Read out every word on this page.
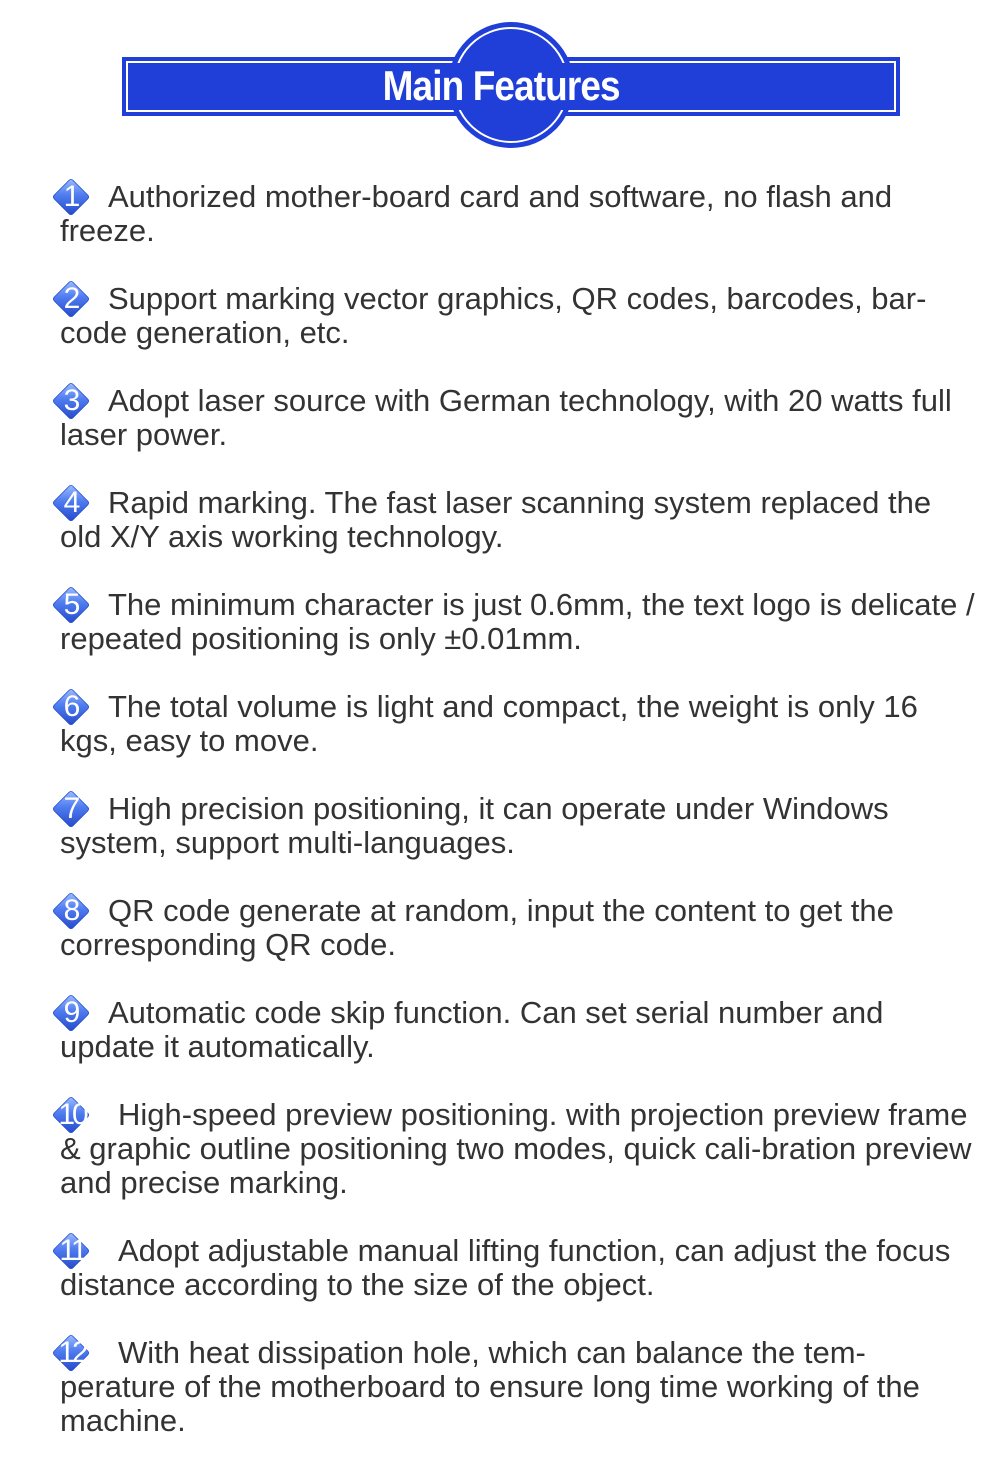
Main Features
1 Authorized mother-board card and software, no flash and freeze.
2 Support marking vector graphics, QR codes, barcodes, bar-code generation, etc.
3 Adopt laser source with German technology, with 20 watts full laser power.
4 Rapid marking. The fast laser scanning system replaced the old X/Y axis working technology.
5 The minimum character is just 0.6mm, the text logo is delicate / repeated positioning is only ±0.01mm.
6 The total volume is light and compact, the weight is only 16 kgs, easy to move.
7 High precision positioning, it can operate under Windows system, support multi-languages.
8 QR code generate at random, input the content to get the corresponding QR code.
9 Automatic code skip function. Can set serial number and update it automatically.
10	High-speed preview positioning. with projection preview frame & graphic outline positioning two modes, quick cali-bration preview and precise marking.
11	Adopt adjustable manual lifting function, can adjust the focus distance according to the size of the object.
12	With heat dissipation hole, which can balance the tem-perature of the motherboard to ensure long time working of the machine.
